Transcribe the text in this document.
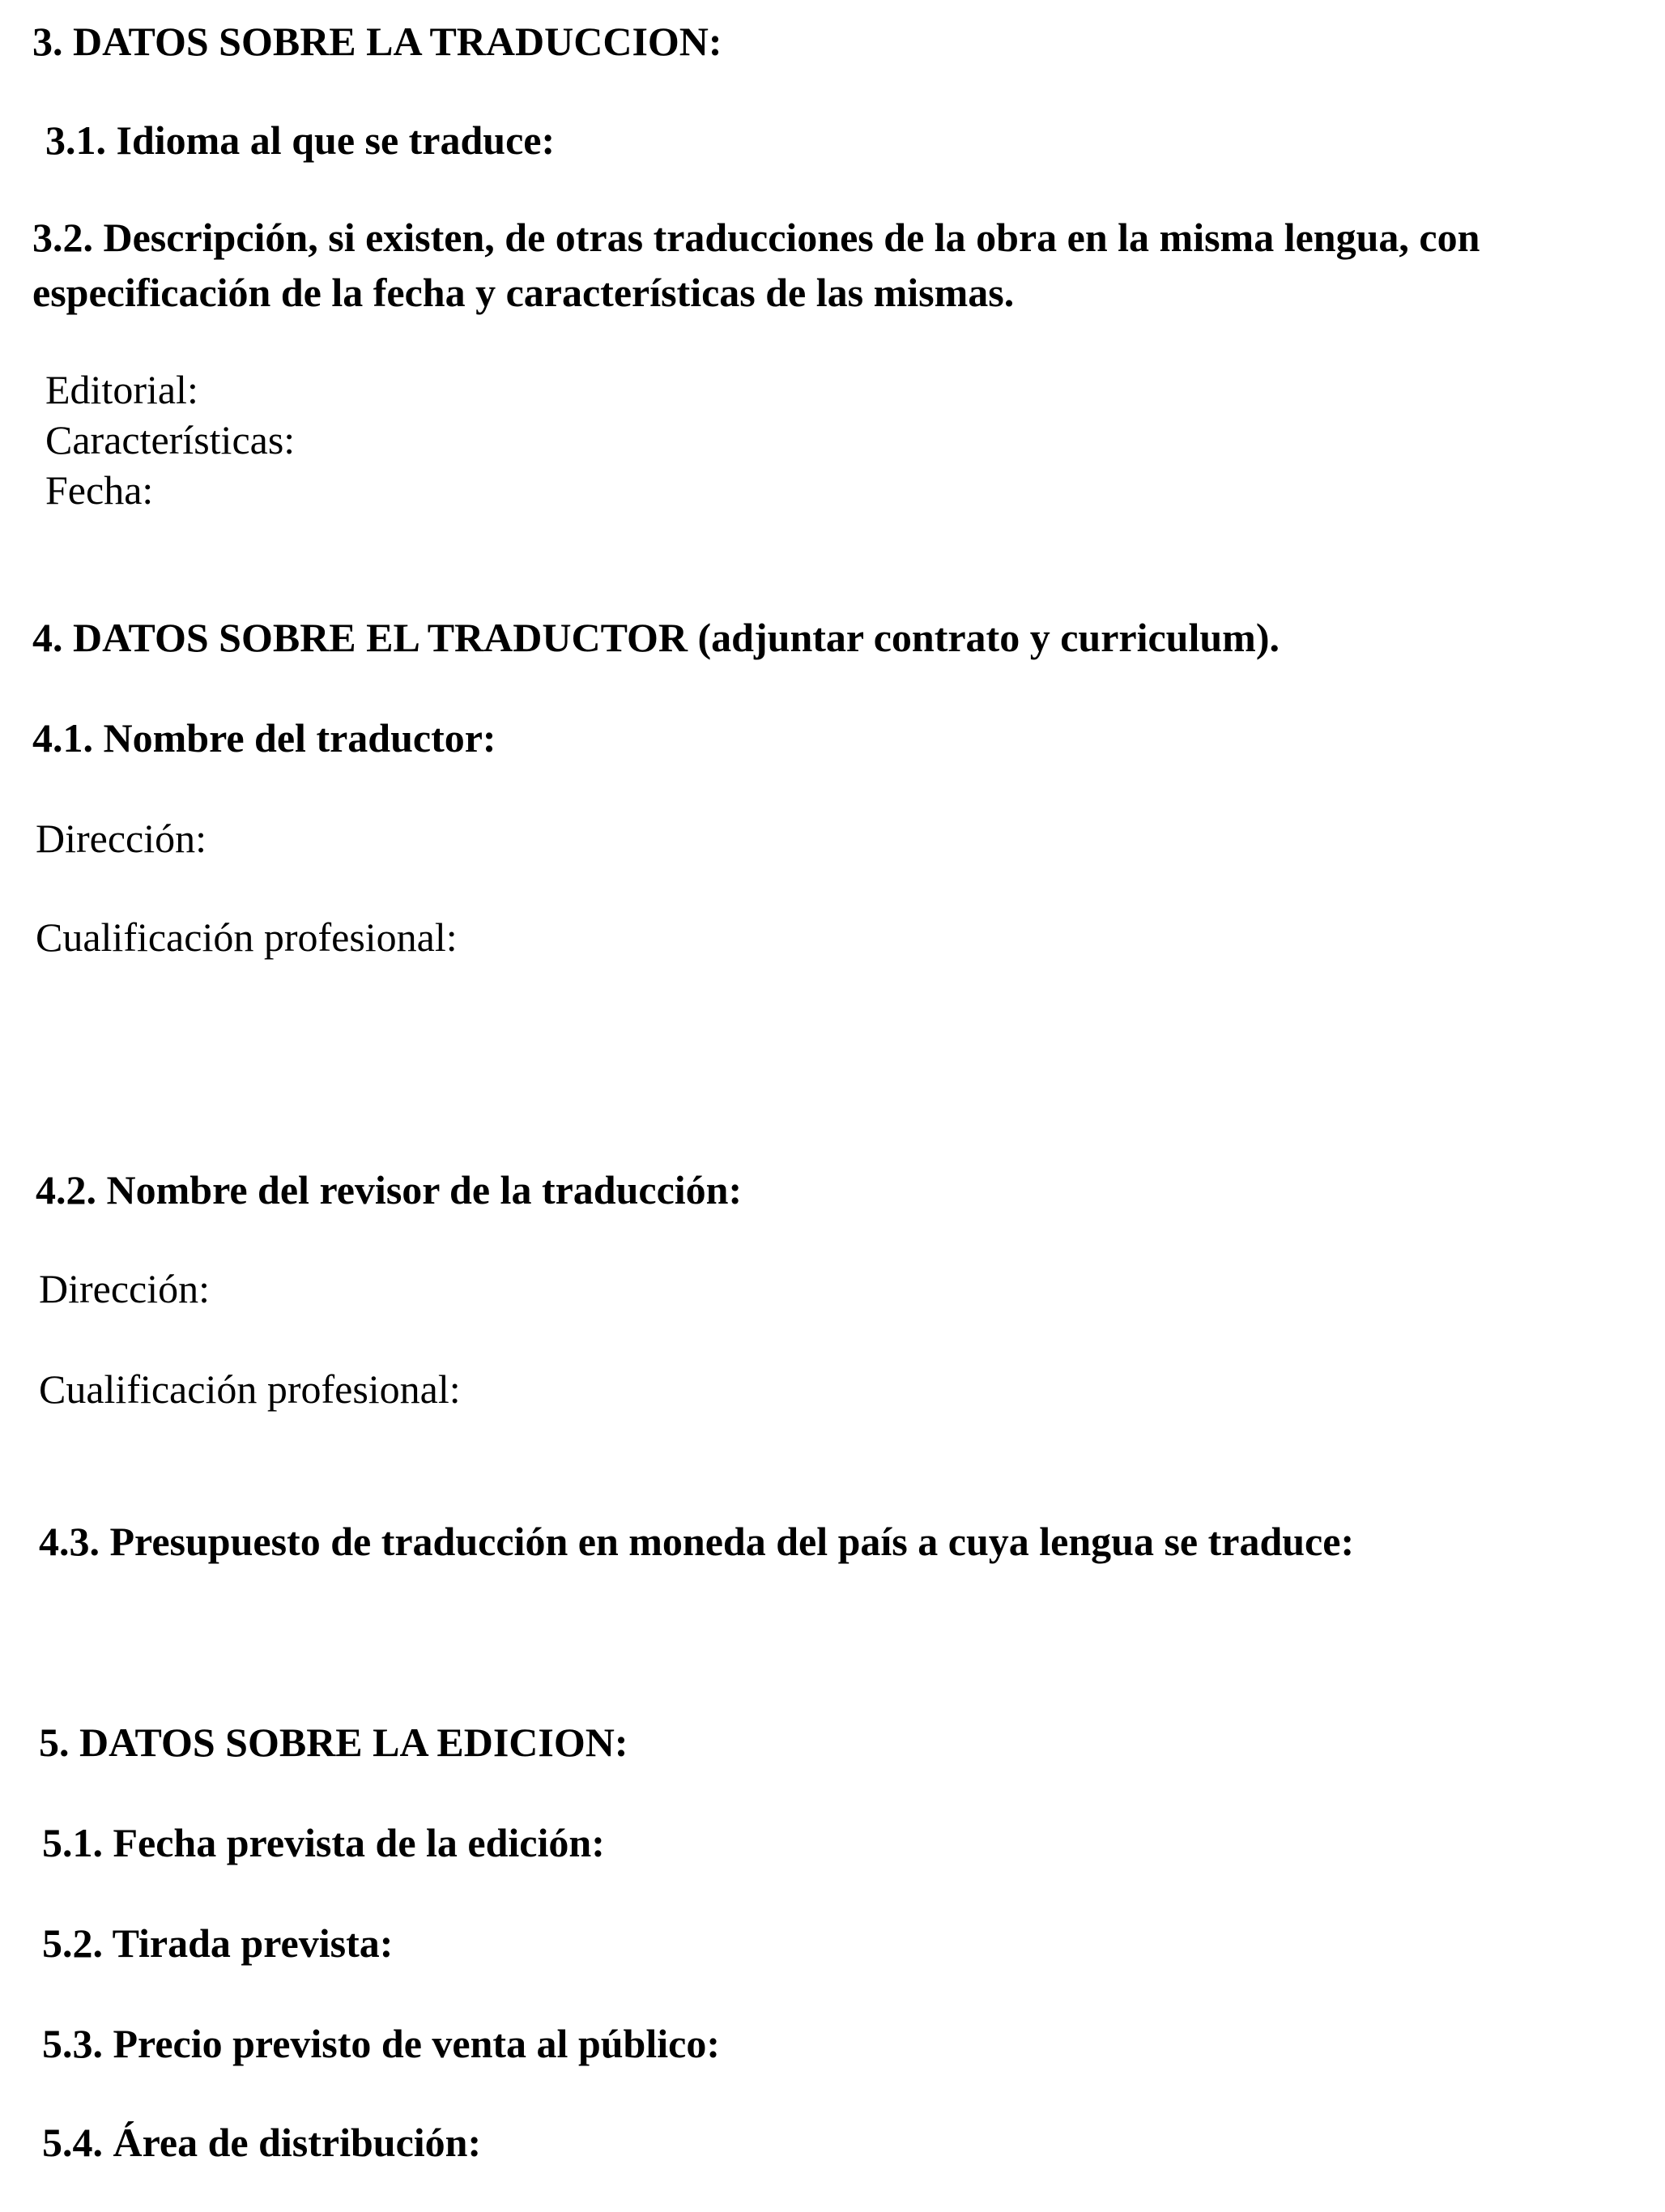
3. DATOS SOBRE LA TRADUCCION:
3.1. Idioma al que se traduce:
3.2. Descripción, si existen, de otras traducciones de la obra en la misma lengua, con
especificación de la fecha y características de las mismas.
Editorial:
Características:
Fecha:
4. DATOS SOBRE EL TRADUCTOR (adjuntar contrato y curriculum).
4.1. Nombre del traductor:
Dirección:
Cualificación profesional:
4.2. Nombre del revisor de la traducción:
Dirección:
Cualificación profesional:
4.3. Presupuesto de traducción en moneda del país a cuya lengua se traduce:
5. DATOS SOBRE LA EDICION:
5.1. Fecha prevista de la edición:
5.2. Tirada prevista:
5.3. Precio previsto de venta al público:
5.4. Área de distribución:
